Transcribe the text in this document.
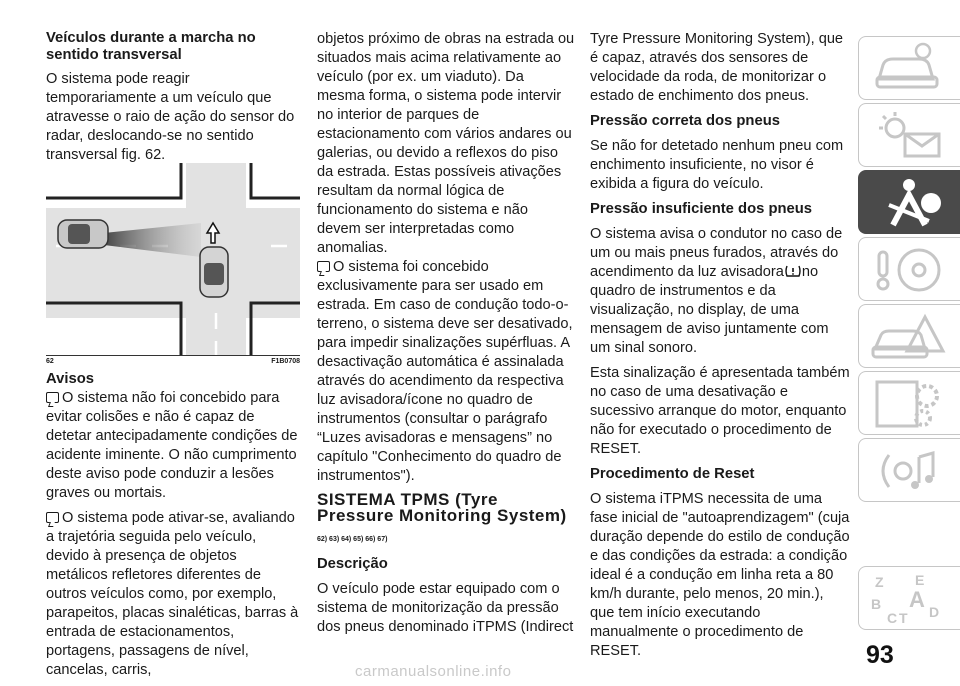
Veículos durante a marcha no sentido transversal

O sistema pode reagir temporariamente a um veículo que atravesse o raio de ação do sensor do radar, deslocando-se no sentido transversal fig. 62.

62	F1B0708

Avisos

O sistema não foi concebido para evitar colisões e não é capaz de detetar antecipadamente condições de acidente iminente. O não cumprimento deste aviso pode conduzir a lesões graves ou mortais.

O sistema pode ativar-se, avaliando a trajetória seguida pelo veículo, devido à presença de objetos metálicos refletores diferentes de outros veículos como, por exemplo, parapeitos, placas sinaléticas, barras à entrada de estacionamentos, portagens, passagens de nível, cancelas, carris,

objetos próximo de obras na estrada ou situados mais acima relativamente ao veículo (por ex. um viaduto). Da mesma forma, o sistema pode intervir no interior de parques de estacionamento com vários andares ou galerias, ou devido a reflexos do piso da estrada. Estas possíveis ativações resultam da normal lógica de funcionamento do sistema e não devem ser interpretadas como anomalias.

O sistema foi concebido exclusivamente para ser usado em estrada. Em caso de condução todo-o-terreno, o sistema deve ser desativado, para impedir sinalizações supérfluas. A desactivação automática é assinalada através do acendimento da respectiva luz avisadora/ícone no quadro de instrumentos (consultar o parágrafo “Luzes avisadoras e mensagens” no capítulo "Conhecimento do quadro de instrumentos").

SISTEMA TPMS (Tyre Pressure Monitoring System)

62) 63) 64) 65) 66) 67)

Descrição

O veículo pode estar equipado com o sistema de monitorização da pressão dos pneus denominado iTPMS (Indirect

Tyre Pressure Monitoring System), que é capaz, através dos sensores de velocidade da roda, de monitorizar o estado de enchimento dos pneus.

Pressão correta dos pneus

Se não for detetado nenhum pneu com enchimento insuficiente, no visor é exibida a figura do veículo.

Pressão insuficiente dos pneus

O sistema avisa o condutor no caso de um ou mais pneus furados, através do acendimento da luz avisadora no quadro de instrumentos e da visualização, no display, de uma mensagem de aviso juntamente com um sinal sonoro.

Esta sinalização é apresentada também no caso de uma desativação e sucessivo arranque do motor, enquanto não for executado o procedimento de RESET.

Procedimento de Reset

O sistema iTPMS necessita de uma fase inicial de "autoaprendizagem" (cuja duração depende do estilo de condução e das condições da estrada: a condição ideal é a condução em linha reta a 80 km/h durante, pelo menos, 20 min.), que tem início executando manualmente o procedimento de RESET.

Z E
B A
C T D
93
carmanualsonline.info
